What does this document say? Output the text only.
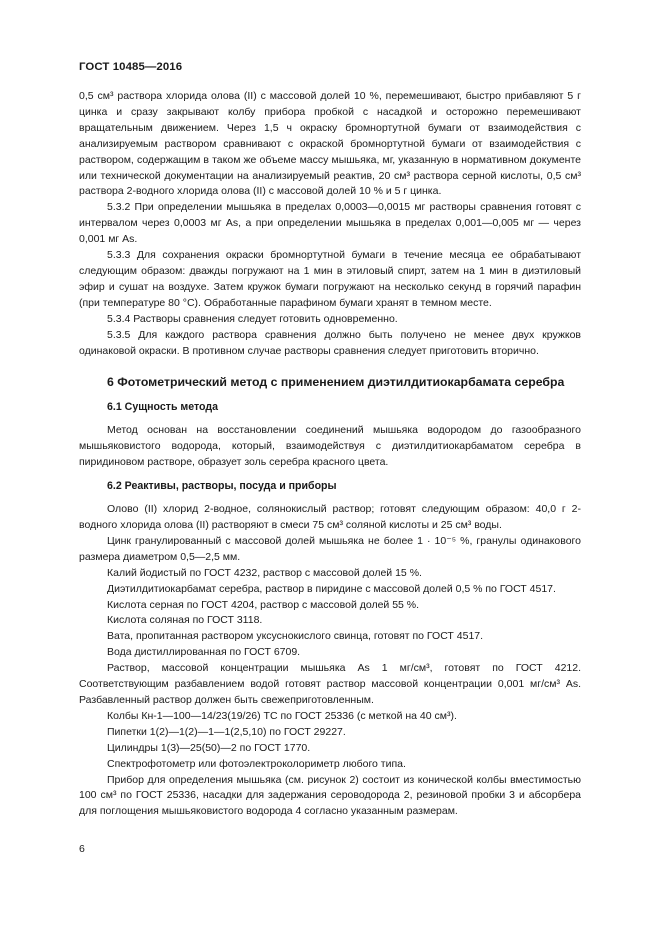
ГОСТ 10485—2016

0,5 см³ раствора хлорида олова (II) с массовой долей 10 %, перемешивают, быстро прибавляют 5 г цинка и сразу закрывают колбу прибора пробкой с насадкой и осторожно перемешивают вращательным движением. Через 1,5 ч окраску бромнортутной бумаги от взаимодействия с анализируемым раствором сравнивают с окраской бромнортутной бумаги от взаимодействия с раствором, содержащим в таком же объеме массу мышьяка, мг, указанную в нормативном документе или технической документации на анализируемый реактив, 20 см³ раствора серной кислоты, 0,5 см³ раствора 2-водного хлорида олова (II) с массовой долей 10 % и 5 г цинка.

5.3.2 При определении мышьяка в пределах 0,0003—0,0015 мг растворы сравнения готовят с интервалом через 0,0003 мг As, а при определении мышьяка в пределах 0,001—0,005 мг — через 0,001 мг As.

5.3.3 Для сохранения окраски бромнортутной бумаги в течение месяца ее обрабатывают следующим образом: дважды погружают на 1 мин в этиловый спирт, затем на 1 мин в диэтиловый эфир и сушат на воздухе. Затем кружок бумаги погружают на несколько секунд в горячий парафин (при температуре 80 °С). Обработанные парафином бумаги хранят в темном месте.

5.3.4 Растворы сравнения следует готовить одновременно.

5.3.5 Для каждого раствора сравнения должно быть получено не менее двух кружков одинаковой окраски. В противном случае растворы сравнения следует приготовить вторично.

6 Фотометрический метод с применением диэтилдитиокарбамата серебра
6.1 Сущность метода

Метод основан на восстановлении соединений мышьяка водородом до газообразного мышьяковистого водорода, который, взаимодействуя с диэтилдитиокарбаматом серебра в пиридиновом растворе, образует золь серебра красного цвета.

6.2 Реактивы, растворы, посуда и приборы

Олово (II) хлорид 2-водное, солянокислый раствор; готовят следующим образом: 40,0 г 2-водного хлорида олова (II) растворяют в смеси 75 см³ соляной кислоты и 25 см³ воды.

Цинк гранулированный с массовой долей мышьяка не более 1 · 10⁻⁵ %, гранулы одинакового размера диаметром 0,5—2,5 мм.

Калий йодистый по ГОСТ 4232, раствор с массовой долей 15 %.

Диэтилдитиокарбамат серебра, раствор в пиридине с массовой долей 0,5 % по ГОСТ 4517.

Кислота серная по ГОСТ 4204, раствор с массовой долей 55 %.

Кислота соляная по ГОСТ 3118.

Вата, пропитанная раствором уксуснокислого свинца, готовят по ГОСТ 4517.

Вода дистиллированная по ГОСТ 6709.

Раствор, массовой концентрации мышьяка As 1 мг/см³, готовят по ГОСТ 4212. Соответствующим разбавлением водой готовят раствор массовой концентрации 0,001 мг/см³ As. Разбавленный раствор должен быть свежеприготовленным.

Колбы Кн-1—100—14/23(19/26) ТС по ГОСТ 25336 (с меткой на 40 см³).

Пипетки 1(2)—1(2)—1—1(2,5,10) по ГОСТ 29227.

Цилиндры 1(3)—25(50)—2 по ГОСТ 1770.

Спектрофотометр или фотоэлектроколориметр любого типа.

Прибор для определения мышьяка (см. рисунок 2) состоит из конической колбы вместимостью 100 см³ по ГОСТ 25336, насадки для задержания сероводорода 2, резиновой пробки 3 и абсорбера для поглощения мышьяковистого водорода 4 согласно указанным размерам.

6
